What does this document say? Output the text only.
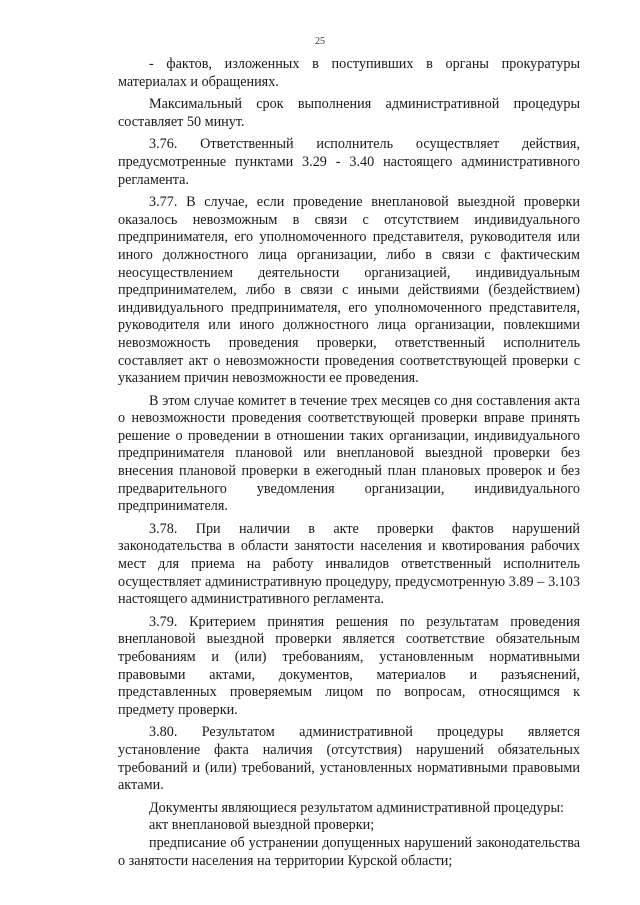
25

- фактов, изложенных в поступивших в органы прокуратуры материалах и обращениях.

Максимальный срок выполнения административной процедуры составляет 50 минут.

3.76. Ответственный исполнитель осуществляет действия, предусмотренные пунктами 3.29 - 3.40 настоящего административного регламента.

3.77. В случае, если проведение внеплановой выездной проверки оказалось невозможным в связи с отсутствием индивидуального предпринимателя, его уполномоченного представителя, руководителя или иного должностного лица организации, либо в связи с фактическим неосуществлением деятельности организацией, индивидуальным предпринимателем, либо в связи с иными действиями (бездействием) индивидуального предпринимателя, его уполномоченного представителя, руководителя или иного должностного лица организации, повлекшими невозможность проведения проверки, ответственный исполнитель составляет акт о невозможности проведения соответствующей проверки с указанием причин невозможности ее проведения.

В этом случае комитет в течение трех месяцев со дня составления акта о невозможности проведения соответствующей проверки вправе принять решение о проведении в отношении таких организации, индивидуального предпринимателя плановой или внеплановой выездной проверки без внесения плановой проверки в ежегодный план плановых проверок и без предварительного уведомления организации, индивидуального предпринимателя.

3.78. При наличии в акте проверки фактов нарушений законодательства в области занятости населения и квотирования рабочих мест для приема на работу инвалидов ответственный исполнитель осуществляет административную процедуру, предусмотренную 3.89 – 3.103 настоящего административного регламента.

3.79. Критерием принятия решения по результатам проведения внеплановой выездной проверки является соответствие обязательным требованиям и (или) требованиям, установленным нормативными правовыми актами, документов, материалов и разъяснений, представленных проверяемым лицом по вопросам, относящимся к предмету проверки.

3.80. Результатом административной процедуры является установление факта наличия (отсутствия) нарушений обязательных требований и (или) требований, установленных нормативными правовыми актами.

Документы являющиеся результатом административной процедуры:

акт внеплановой выездной проверки;

предписание об устранении допущенных нарушений законодательства о занятости населения на территории Курской области;
